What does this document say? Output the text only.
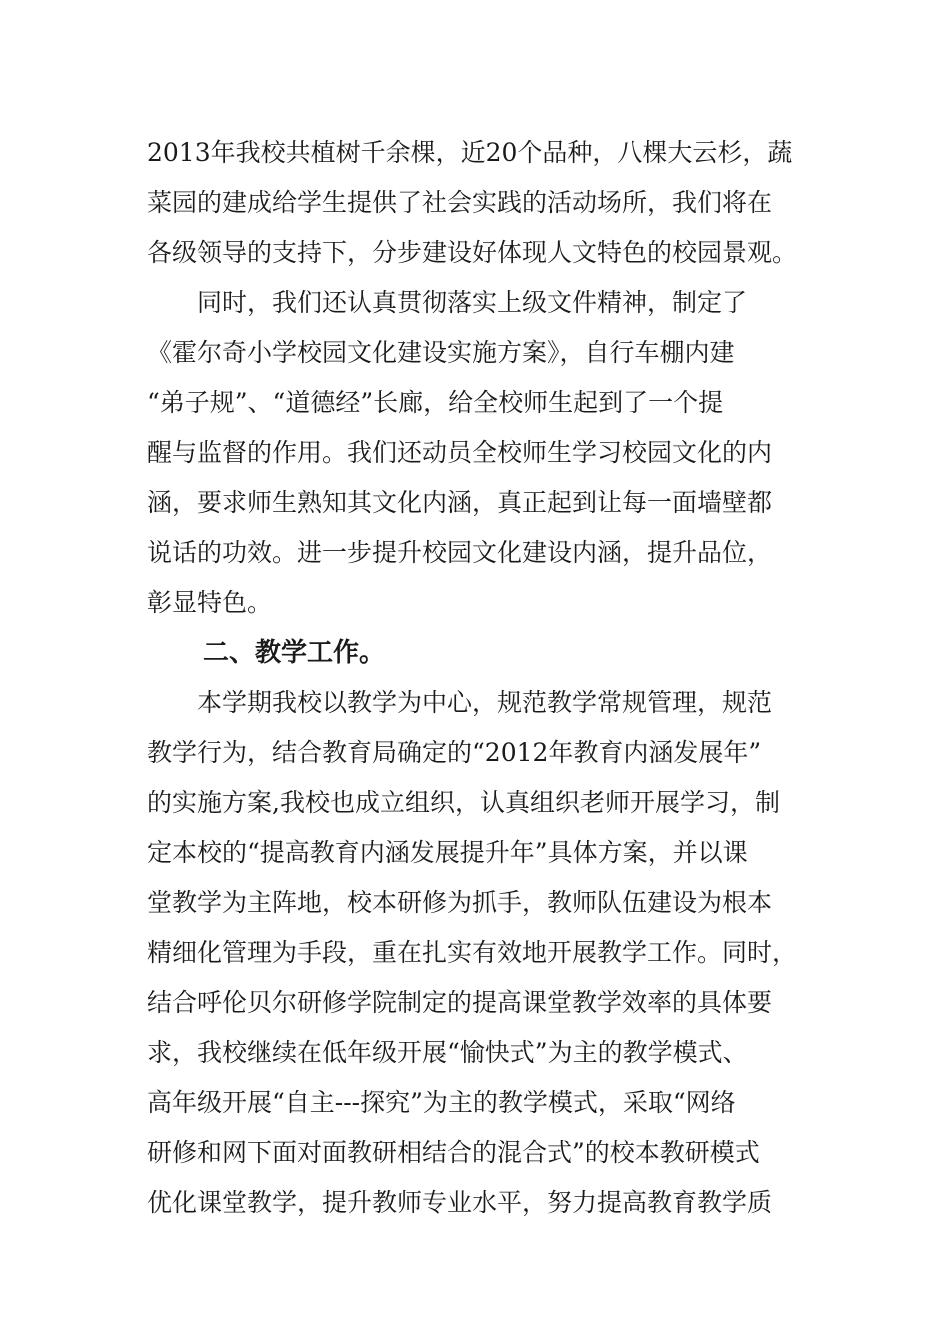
2013年我校共植树千余棵，近20个品种，八棵大云杉，蔬
菜园的建成给学生提供了社会实践的活动场所，我们将在
各级领导的支持下，分步建设好体现人文特色的校园景观。
同时，我们还认真贯彻落实上级文件精神，制定了
《霍尔奇小学校园文化建设实施方案》，自行车棚内建
“弟子规”、“道德经”长廊，给全校师生起到了一个提
醒与监督的作用。我们还动员全校师生学习校园文化的内
涵，要求师生熟知其文化内涵，真正起到让每一面墙壁都
说话的功效。进一步提升校园文化建设内涵，提升品位，
彰显特色。
二、教学工作。
本学期我校以教学为中心，规范教学常规管理，规范
教学行为，结合教育局确定的“2012年教育内涵发展年”
的实施方案,我校也成立组织，认真组织老师开展学习，制
定本校的“提高教育内涵发展提升年”具体方案，并以课
堂教学为主阵地，校本研修为抓手，教师队伍建设为根本
精细化管理为手段，重在扎实有效地开展教学工作。同时，
结合呼伦贝尔研修学院制定的提高课堂教学效率的具体要
求，我校继续在低年级开展“愉快式”为主的教学模式、
高年级开展“自主---探究”为主的教学模式，采取“网络
研修和网下面对面教研相结合的混合式”的校本教研模式
优化课堂教学，提升教师专业水平，努力提高教育教学质
